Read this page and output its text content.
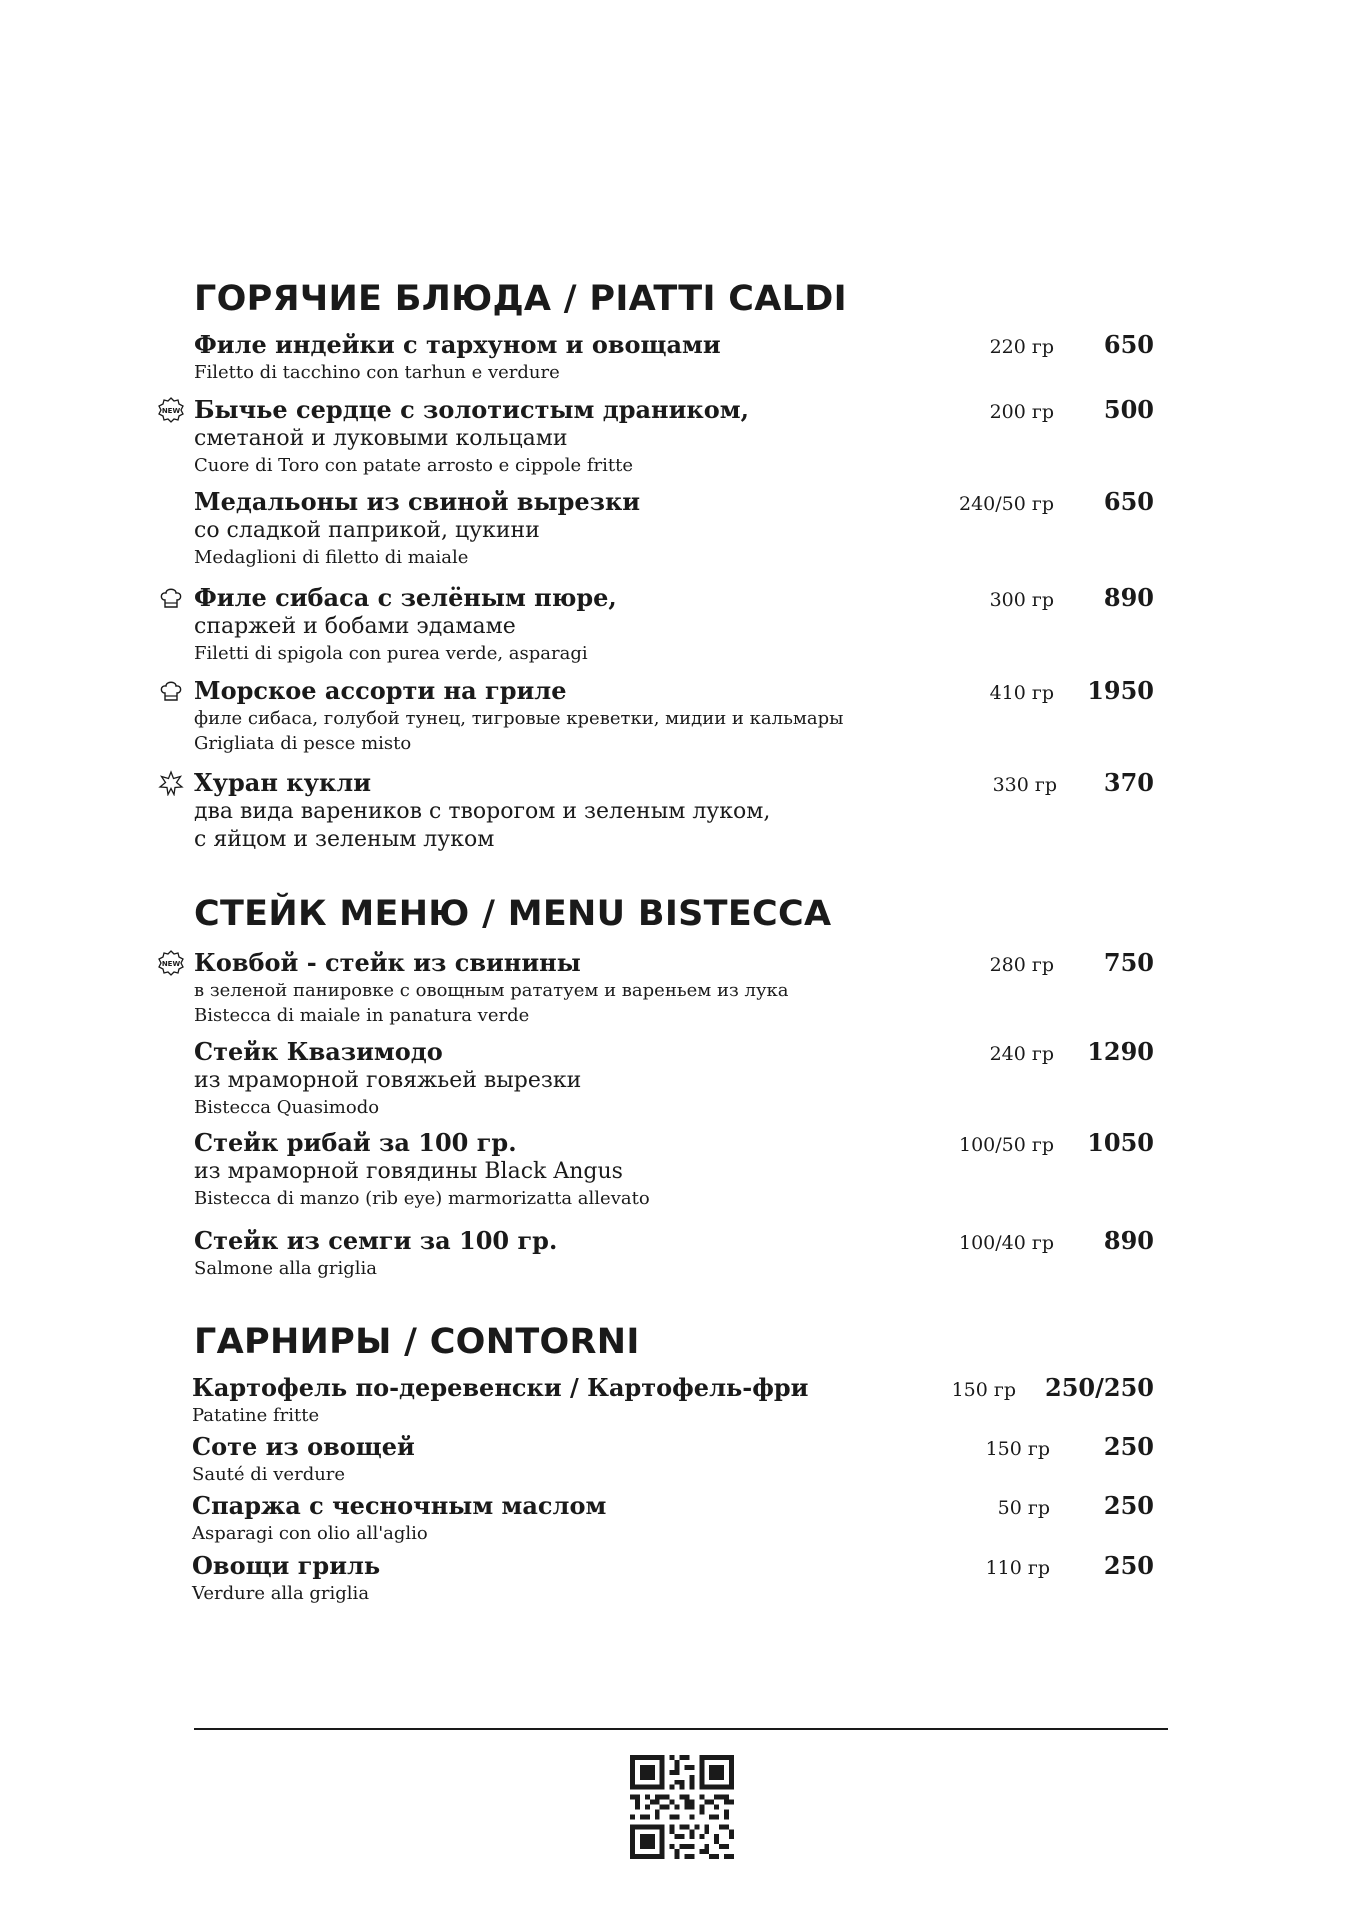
ГОРЯЧИЕ БЛЮДА / PIATTI CALDI
Филе индейки с тархуном и овощами
Filetto di tacchino con tarhun e verdure
220 гр 650
NEW Бычье сердце с золотистым драником,
сметаной и луковыми кольцами
Cuore di Toro con patate arrosto e cippole fritte
200 гр 500
Медальоны из свиной вырезки
со сладкой паприкой, цукини
Medaglioni di filetto di maiale
240/50 гр 650
Филе сибаса с зелёным пюре,
спаржей и бобами эдамаме
Filetti di spigola con purea verde, asparagi
300 гр 890
Морское ассорти на гриле
филе сибаса, голубой тунец, тигровые креветки, мидии и кальмары
Grigliata di pesce misto
410 гр 1950
Хуран кукли
два вида вареников с творогом и зеленым луком,
с яйцом и зеленым луком
330 гр 370
СТЕЙК МЕНЮ / MENU BISTECCA
NEW Ковбой - стейк из свинины
в зеленой панировке с овощным рататуем и вареньем из лука
Bistecca di maiale in panatura verde
280 гр 750
Стейк Квазимодо
из мраморной говяжьей вырезки
Bistecca Quasimodo
240 гр 1290
Стейк рибай за 100 гр.
из мраморной говядины Black Angus
Bistecca di manzo (rib eye) marmorizatta allevato
100/50 гр 1050
Стейк из семги за 100 гр.
Salmone alla griglia
100/40 гр 890
ГАРНИРЫ / CONTORNI
Картофель по-деревенски / Картофель-фри
Patatine fritte
150 гр 250/250
Соте из овощей
Sauté di verdure
150 гр 250
Спаржа с чесночным маслом
Asparagi con olio all'aglio
50 гр 250
Овощи гриль
Verdure alla griglia
110 гр 250
